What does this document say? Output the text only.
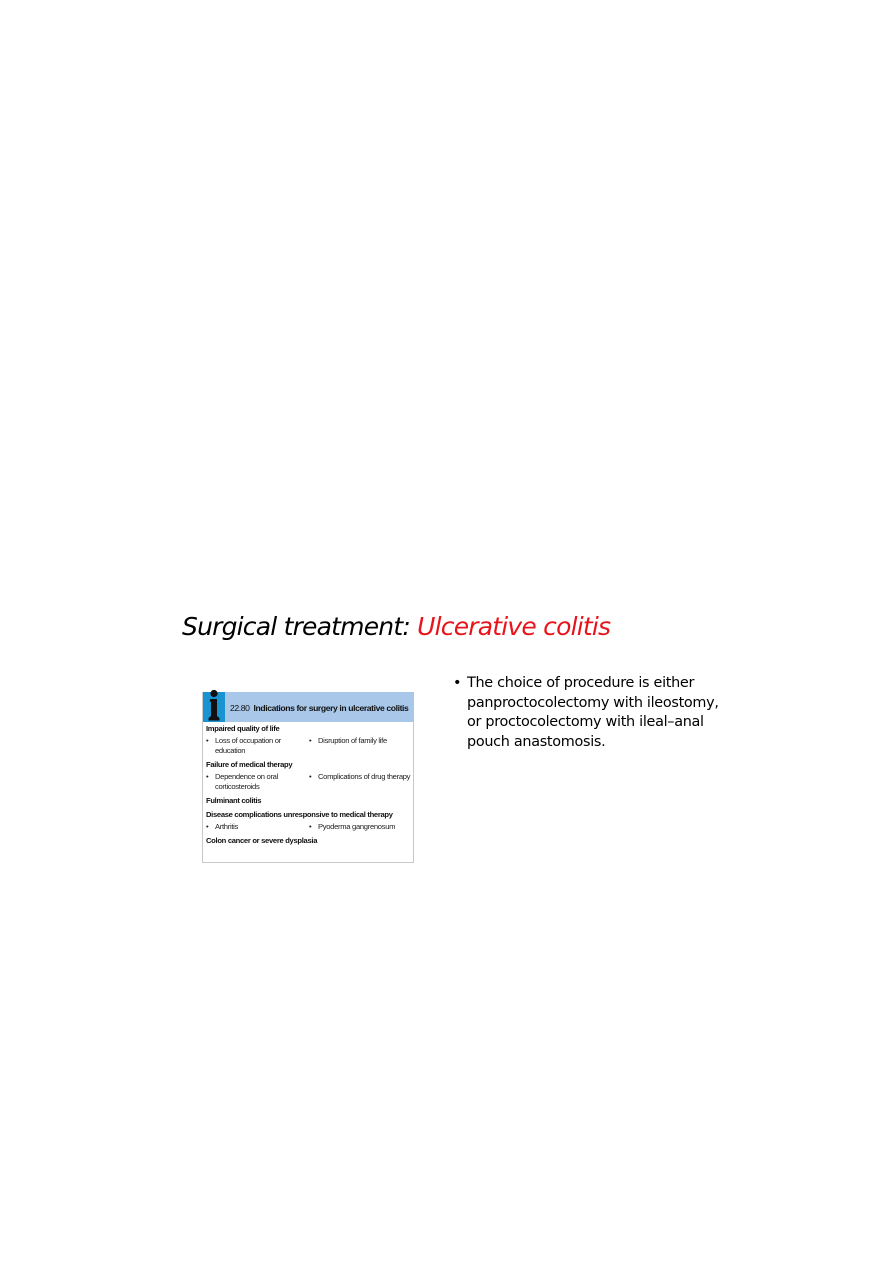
Surgical treatment: Ulcerative colitis
22.80 Indications for surgery in ulcerative colitis
Impaired quality of life
• Loss of occupation or education
• Disruption of family life
Failure of medical therapy
• Dependence on oral corticosteroids
• Complications of drug therapy
Fulminant colitis
Disease complications unresponsive to medical therapy
• Arthritis	• Pyoderma gangrenosum
Colon cancer or severe dysplasia
• The choice of procedure is either panproctocolectomy with ileostomy, or proctocolectomy with ileal–anal pouch anastomosis.
